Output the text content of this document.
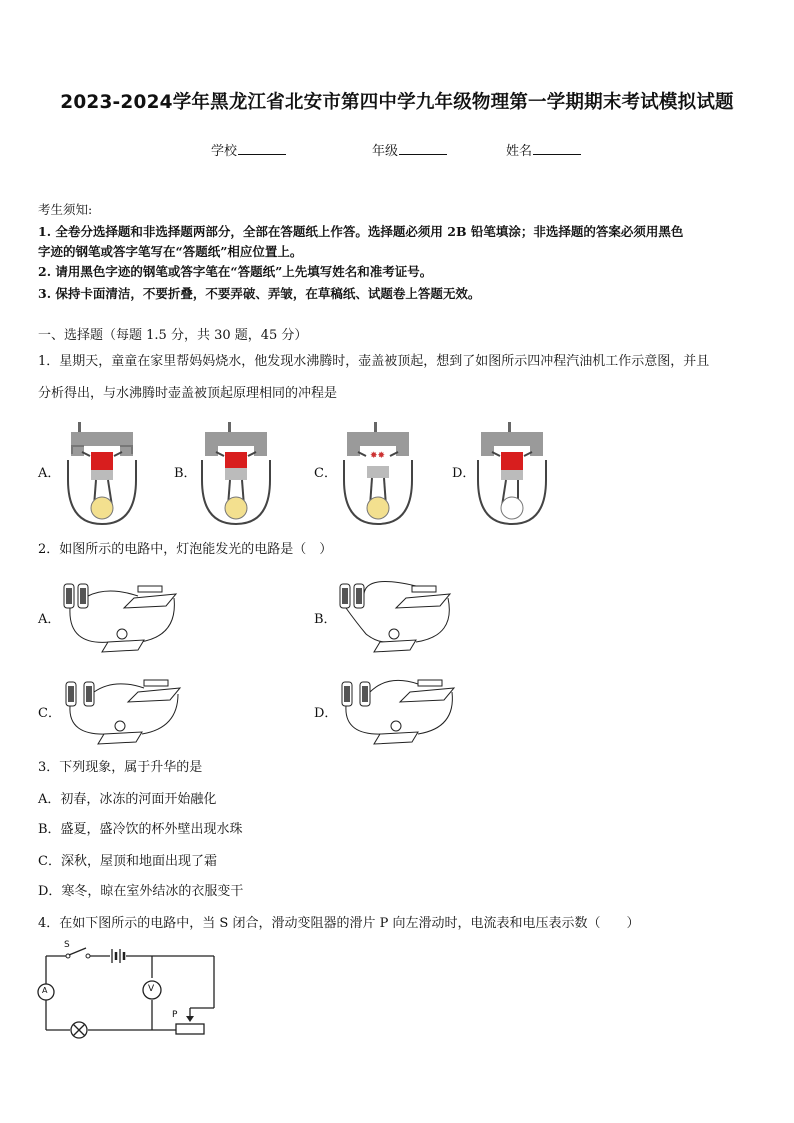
2023-2024学年黑龙江省北安市第四中学九年级物理第一学期期末考试模拟试题
学校	年级	姓名
考生须知:
1. 全卷分选择题和非选择题两部分，全部在答题纸上作答。选择题必须用 2B 铅笔填涂；非选择题的答案必须用黑色
字迹的钢笔或答字笔写在“答题纸”相应位置上。
2. 请用黑色字迹的钢笔或答字笔在“答题纸”上先填写姓名和准考证号。
3. 保持卡面清洁，不要折叠，不要弄破、弄皱，在草稿纸、试题卷上答题无效。
一、选择题（每题 1.5 分，共 30 题，45 分）
1．星期天，童童在家里帮妈妈烧水，他发现水沸腾时，壶盖被顶起，想到了如图所示四冲程汽油机工作示意图，并且
分析得出，与水沸腾时壶盖被顶起原理相同的冲程是
A．	B．	C．	D．
✸✸
2．如图所示的电路中，灯泡能发光的电路是（　）
A．	B．
C．	D．
3．下列现象，属于升华的是
A．初春，冰冻的河面开始融化
B．盛夏，盛冷饮的杯外壁出现水珠
C．深秋，屋顶和地面出现了霜
D．寒冬，晾在室外结冰的衣服变干
4．在如下图所示的电路中，当 S 闭合，滑动变阻器的滑片 P 向左滑动时，电流表和电压表示数（　　）
S
A	V
P
